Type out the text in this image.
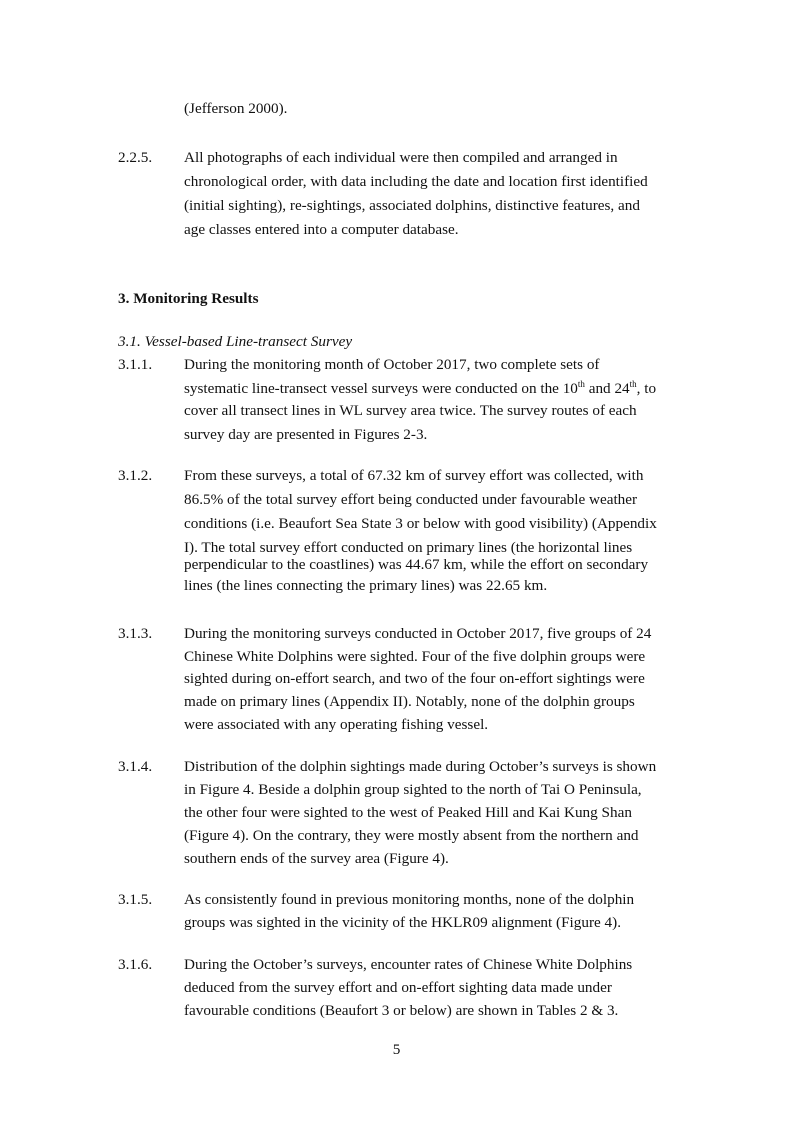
(Jefferson 2000).
2.2.5. All photographs of each individual were then compiled and arranged in
chronological order, with data including the date and location first identified
(initial sighting), re-sightings, associated dolphins, distinctive features, and
age classes entered into a computer database.
3. Monitoring Results
3.1. Vessel-based Line-transect Survey
3.1.1. During the monitoring month of October 2017, two complete sets of
systematic line-transect vessel surveys were conducted on the 10th and 24th, to
cover all transect lines in WL survey area twice. The survey routes of each
survey day are presented in Figures 2-3.
3.1.2. From these surveys, a total of 67.32 km of survey effort was collected, with
86.5% of the total survey effort being conducted under favourable weather
conditions (i.e. Beaufort Sea State 3 or below with good visibility) (Appendix
I). The total survey effort conducted on primary lines (the horizontal lines
perpendicular to the coastlines) was 44.67 km, while the effort on secondary
lines (the lines connecting the primary lines) was 22.65 km.
3.1.3. During the monitoring surveys conducted in October 2017, five groups of 24
Chinese White Dolphins were sighted. Four of the five dolphin groups were
sighted during on-effort search, and two of the four on-effort sightings were
made on primary lines (Appendix II). Notably, none of the dolphin groups
were associated with any operating fishing vessel.
3.1.4. Distribution of the dolphin sightings made during October’s surveys is shown
in Figure 4. Beside a dolphin group sighted to the north of Tai O Peninsula,
the other four were sighted to the west of Peaked Hill and Kai Kung Shan
(Figure 4). On the contrary, they were mostly absent from the northern and
southern ends of the survey area (Figure 4).
3.1.5. As consistently found in previous monitoring months, none of the dolphin
groups was sighted in the vicinity of the HKLR09 alignment (Figure 4).
3.1.6. During the October’s surveys, encounter rates of Chinese White Dolphins
deduced from the survey effort and on-effort sighting data made under
favourable conditions (Beaufort 3 or below) are shown in Tables 2 & 3.
5
